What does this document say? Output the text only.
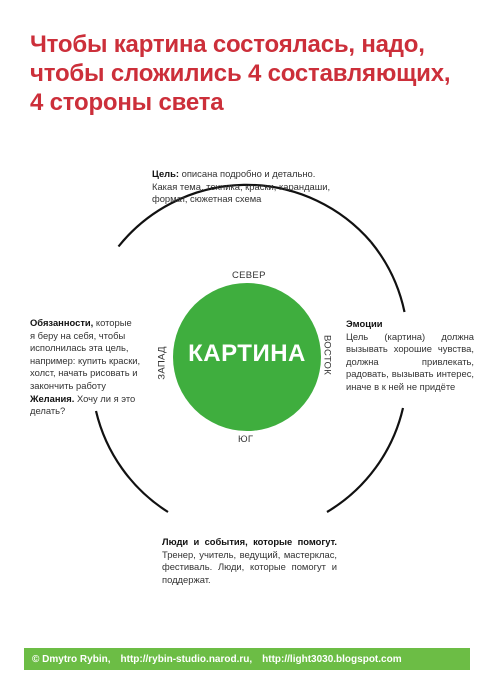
Чтобы картина состоялась, надо,
чтобы сложились 4 составляющих,
4 стороны света
КАРТИНА
СЕВЕР
ЮГ
ЗАПАД	ВОСТОК
Цель: описана подробно и детально.
Какая тема, техника, краски, карандаши,
формат, сюжетная схема
Обязанности, которые
я беру на себя, чтобы
исполнилась эта цель,
например: купить краски,
холст, начать рисовать и
закончить работу
Желания. Хочу ли я это
делать?
Эмоции
Цель (картина) должна вызывать хорошие чувства, должна привлекать, радовать, вызывать интерес, иначе в к ней не придёте
Люди и события, которые помогут. Тренер, учитель, ведущий, мастерклас, фестиваль. Люди, которые помогут и поддержат.
© Dmytro Rybin, http://rybin-studio.narod.ru, http://light3030.blogspot.com
